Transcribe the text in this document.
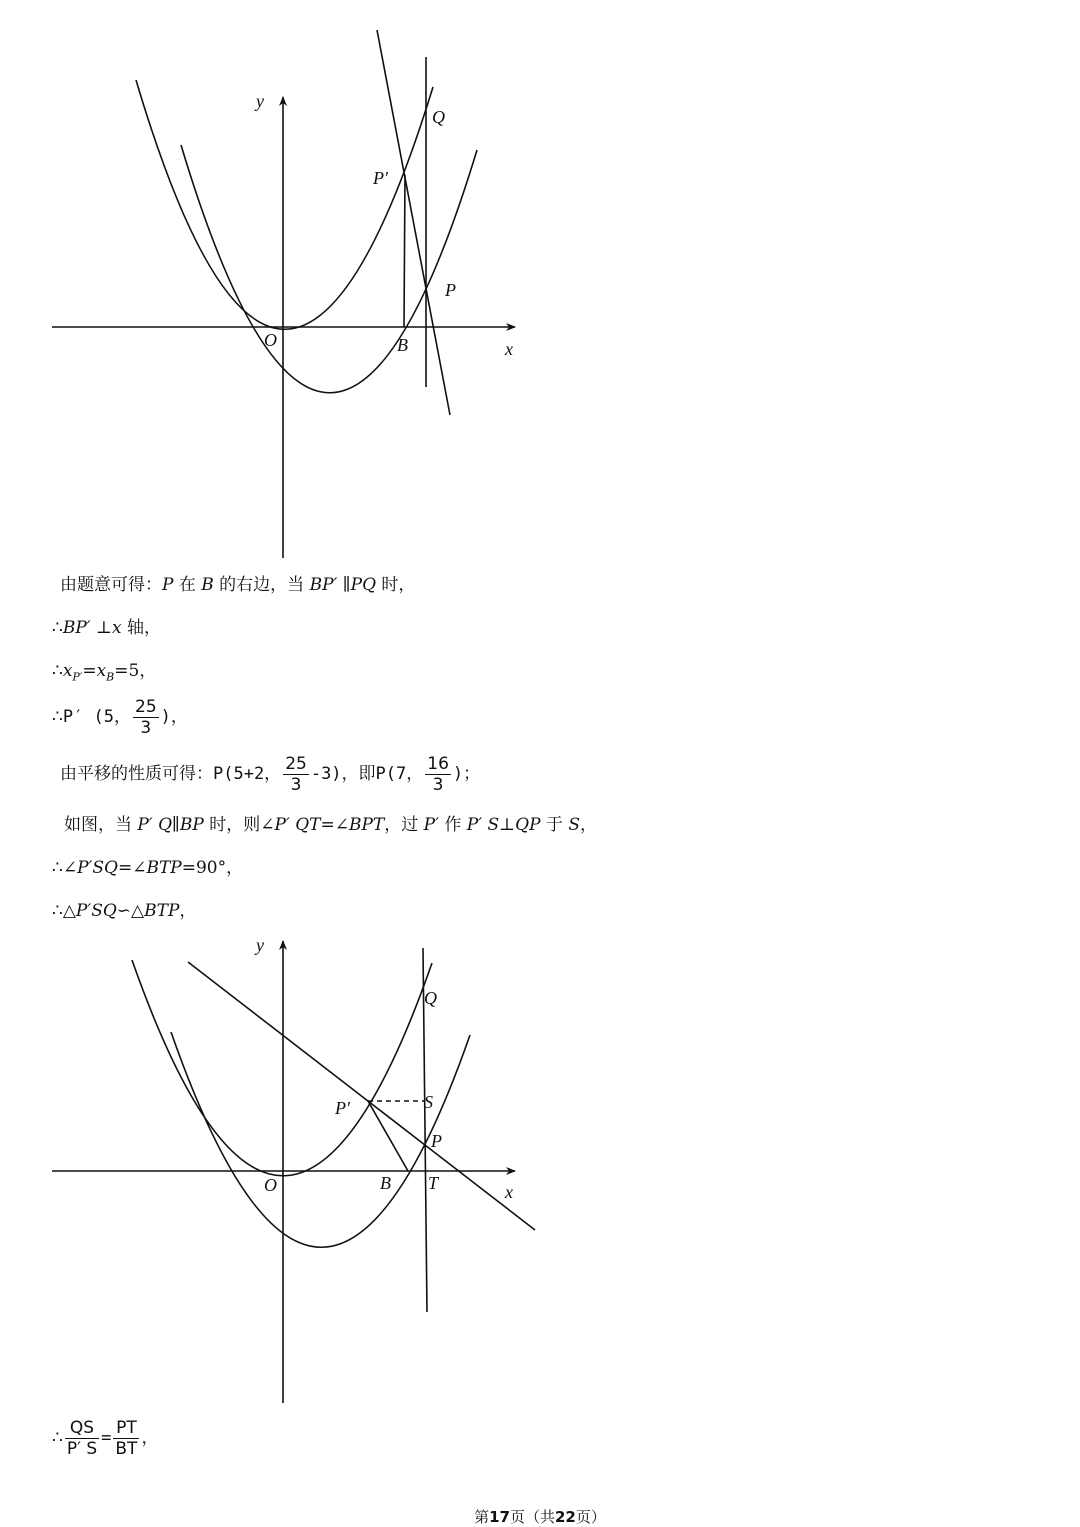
y
x
O	B
Q
P
P′
由题意可得：P 在 B 的右边，当 BP′ ∥PQ 时，
∴BP′ ⊥x 轴，
$\therefore x_{P'}=x_B=5$，
∴P′ (5， $\frac{25}{3}$ )，
由平移的性质可得：P(5+2， $\frac{25}{3} -3$)，即P(7， $\frac{16}{3}$ )；
如图，当 P′ Q∥BP 时，则∠P′ QT=∠BPT，过 P′ 作 P′ S⊥QP 于 S，
∴∠P′SQ=∠BTP=90°，
∴△P′SQ∽△BTP，
y
x
O	B T
Q
P
P′	S
∴ $\frac{QS}{P' S} = \frac{PT}{BT}$ ，
第17页（共22页）
